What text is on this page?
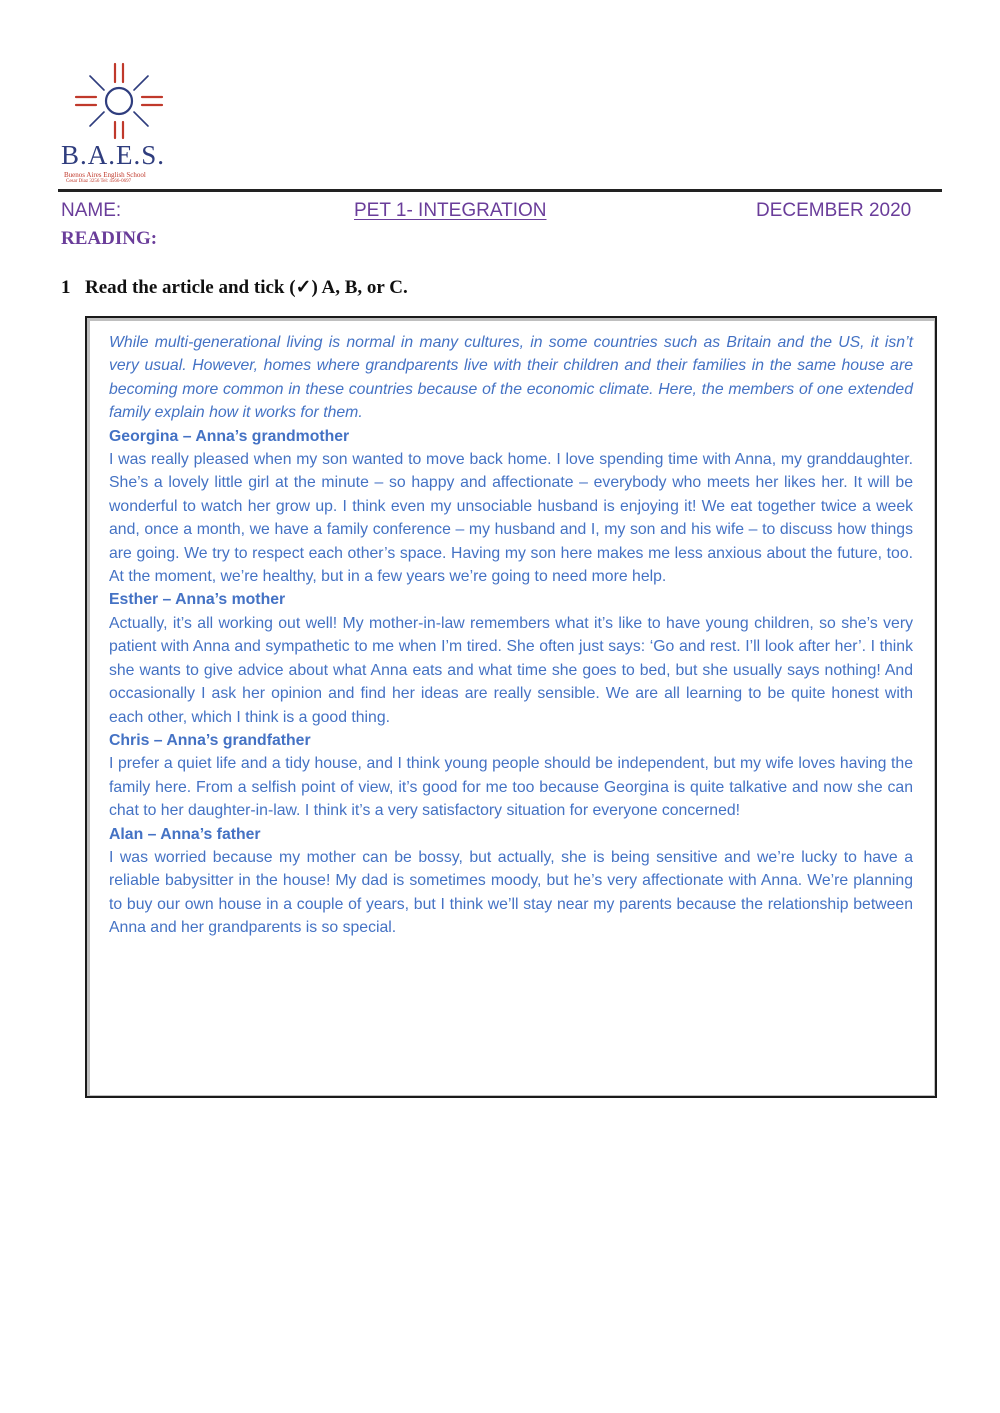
B.A.E.S.
Buenos Aires English School
Cesar Diaz 3256 Tel: 4566-0697
NAME:	PET 1- INTEGRATION	DECEMBER 2020
READING:
1 Read the article and tick (✓) A, B, or C.

While multi-generational living is normal in many cultures, in some countries such as Britain and the US, it isn’t very usual. However, homes where grandparents live with their children and their families in the same house are becoming more common in these countries because of the economic climate. Here, the members of one extended family explain how it works for them.

Georgina – Anna’s grandmother

I was really pleased when my son wanted to move back home. I love spending time with Anna, my granddaughter. She’s a lovely little girl at the minute – so happy and affectionate – everybody who meets her likes her. It will be wonderful to watch her grow up. I think even my unsociable husband is enjoying it! We eat together twice a week and, once a month, we have a family conference – my husband and I, my son and his wife – to discuss how things are going. We try to respect each other’s space. Having my son here makes me less anxious about the future, too. At the moment, we’re healthy, but in a few years we’re going to need more help.

Esther – Anna’s mother

Actually, it’s all working out well! My mother-in-law remembers what it’s like to have young children, so she’s very patient with Anna and sympathetic to me when I’m tired. She often just says: ‘Go and rest. I’ll look after her’. I think she wants to give advice about what Anna eats and what time she goes to bed, but she usually says nothing! And occasionally I ask her opinion and find her ideas are really sensible. We are all learning to be quite honest with each other, which I think is a good thing.

Chris – Anna’s grandfather

I prefer a quiet life and a tidy house, and I think young people should be independent, but my wife loves having the family here. From a selfish point of view, it’s good for me too because Georgina is quite talkative and now she can chat to her daughter-in-law. I think it’s a very satisfactory situation for everyone concerned!

Alan – Anna’s father

I was worried because my mother can be bossy, but actually, she is being sensitive and we’re lucky to have a reliable babysitter in the house! My dad is sometimes moody, but he’s very affectionate with Anna. We’re planning to buy our own house in a couple of years, but I think we’ll stay near my parents because the relationship between Anna and her grandparents is so special.
